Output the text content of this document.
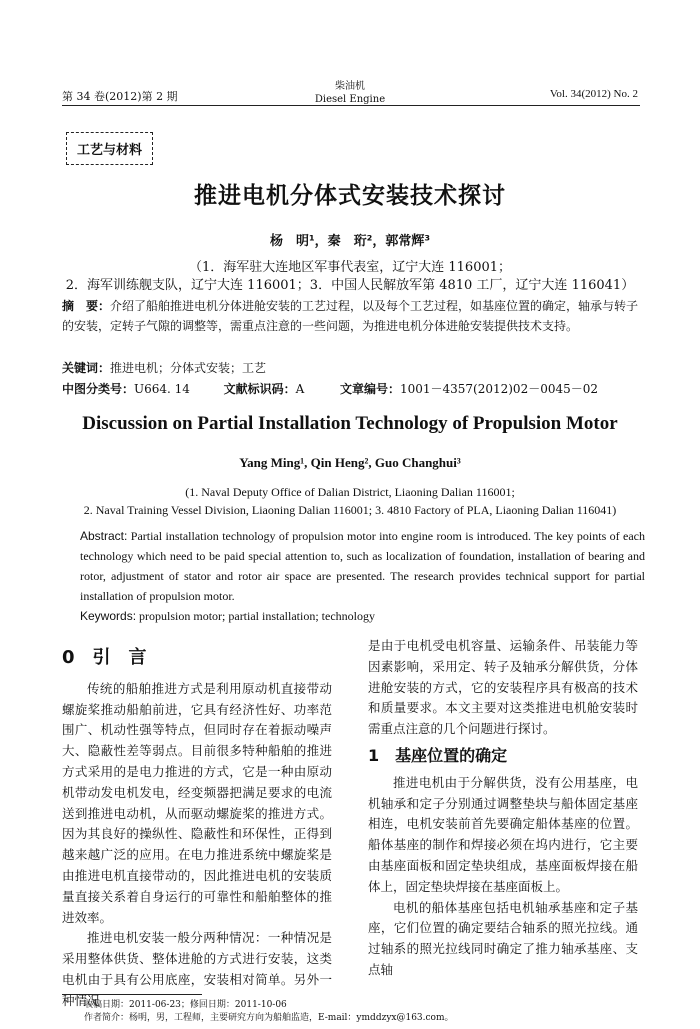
第 34 卷(2012)第 2 期
柴油机
Diesel Engine	Vol. 34(2012) No. 2
工艺与材料
推进电机分体式安装技术探讨
杨　明¹，秦　珩²，郭常辉³
（1．海军驻大连地区军事代表室，辽宁大连 116001；
2．海军训练舰支队，辽宁大连 116001；3．中国人民解放军第 4810 工厂，辽宁大连 116041）
摘　要：介绍了船舶推进电机分体进舱安装的工艺过程，以及每个工艺过程，如基座位置的确定，轴承与转子的安装，定转子气隙的调整等，需重点注意的一些问题，为推进电机分体进舱安装提供技术支持。
关键词：推进电机；分体式安装；工艺
中图分类号：U664. 14	文献标识码：A	文章编号：1001－4357(2012)02－0045－02
Discussion on Partial Installation Technology of Propulsion Motor
Yang Ming¹, Qin Heng², Guo Changhui³
(1. Naval Deputy Office of Dalian District, Liaoning Dalian 116001;
2. Naval Training Vessel Division, Liaoning Dalian 116001; 3. 4810 Factory of PLA, Liaoning Dalian 116041)
Abstract: Partial installation technology of propulsion motor into engine room is introduced. The key points of each technology which need to be paid special attention to, such as localization of foundation, installation of bearing and rotor, adjustment of stator and rotor air space are presented. The research provides technical support for partial installation of propulsion motor.
Keywords: propulsion motor; partial installation; technology
0　引　言

传统的船舶推进方式是利用原动机直接带动螺旋桨推动船舶前进，它具有经济性好、功率范围广、机动性强等特点，但同时存在着振动噪声大、隐蔽性差等弱点。目前很多特种船舶的推进方式采用的是电力推进的方式，它是一种由原动机带动发电机发电，经变频器把满足要求的电流送到推进电动机，从而驱动螺旋桨的推进方式。因为其良好的操纵性、隐蔽性和环保性，正得到越来越广泛的应用。在电力推进系统中螺旋桨是由推进电机直接带动的，因此推进电机的安装质量直接关系着自身运行的可靠性和船舶整体的推进效率。

推进电机安装一般分两种情况：一种情况是采用整体供货、整体进舱的方式进行安装，这类电机由于具有公用底座，安装相对简单。另外一种情况

是由于电机受电机容量、运输条件、吊装能力等因素影响，采用定、转子及轴承分解供货，分体进舱安装的方式，它的安装程序具有极高的技术和质量要求。本文主要对这类推进电机舱安装时需重点注意的几个问题进行探讨。

1　基座位置的确定

推进电机由于分解供货，没有公用基座，电机轴承和定子分别通过调整垫块与船体固定基座相连，电机安装前首先要确定船体基座的位置。船体基座的制作和焊接必须在坞内进行，它主要由基座面板和固定垫块组成，基座面板焊接在船体上，固定垫块焊接在基座面板上。

电机的船体基座包括电机轴承基座和定子基座，它们位置的确定要结合轴系的照光拉线。通过轴系的照光拉线同时确定了推力轴承基座、支点轴

收稿日期：2011-06-23；修回日期：2011-10-06
作者简介：杨明，男，工程师，主要研究方向为船舶监造，E-mail：ymddzyx@163.com。
